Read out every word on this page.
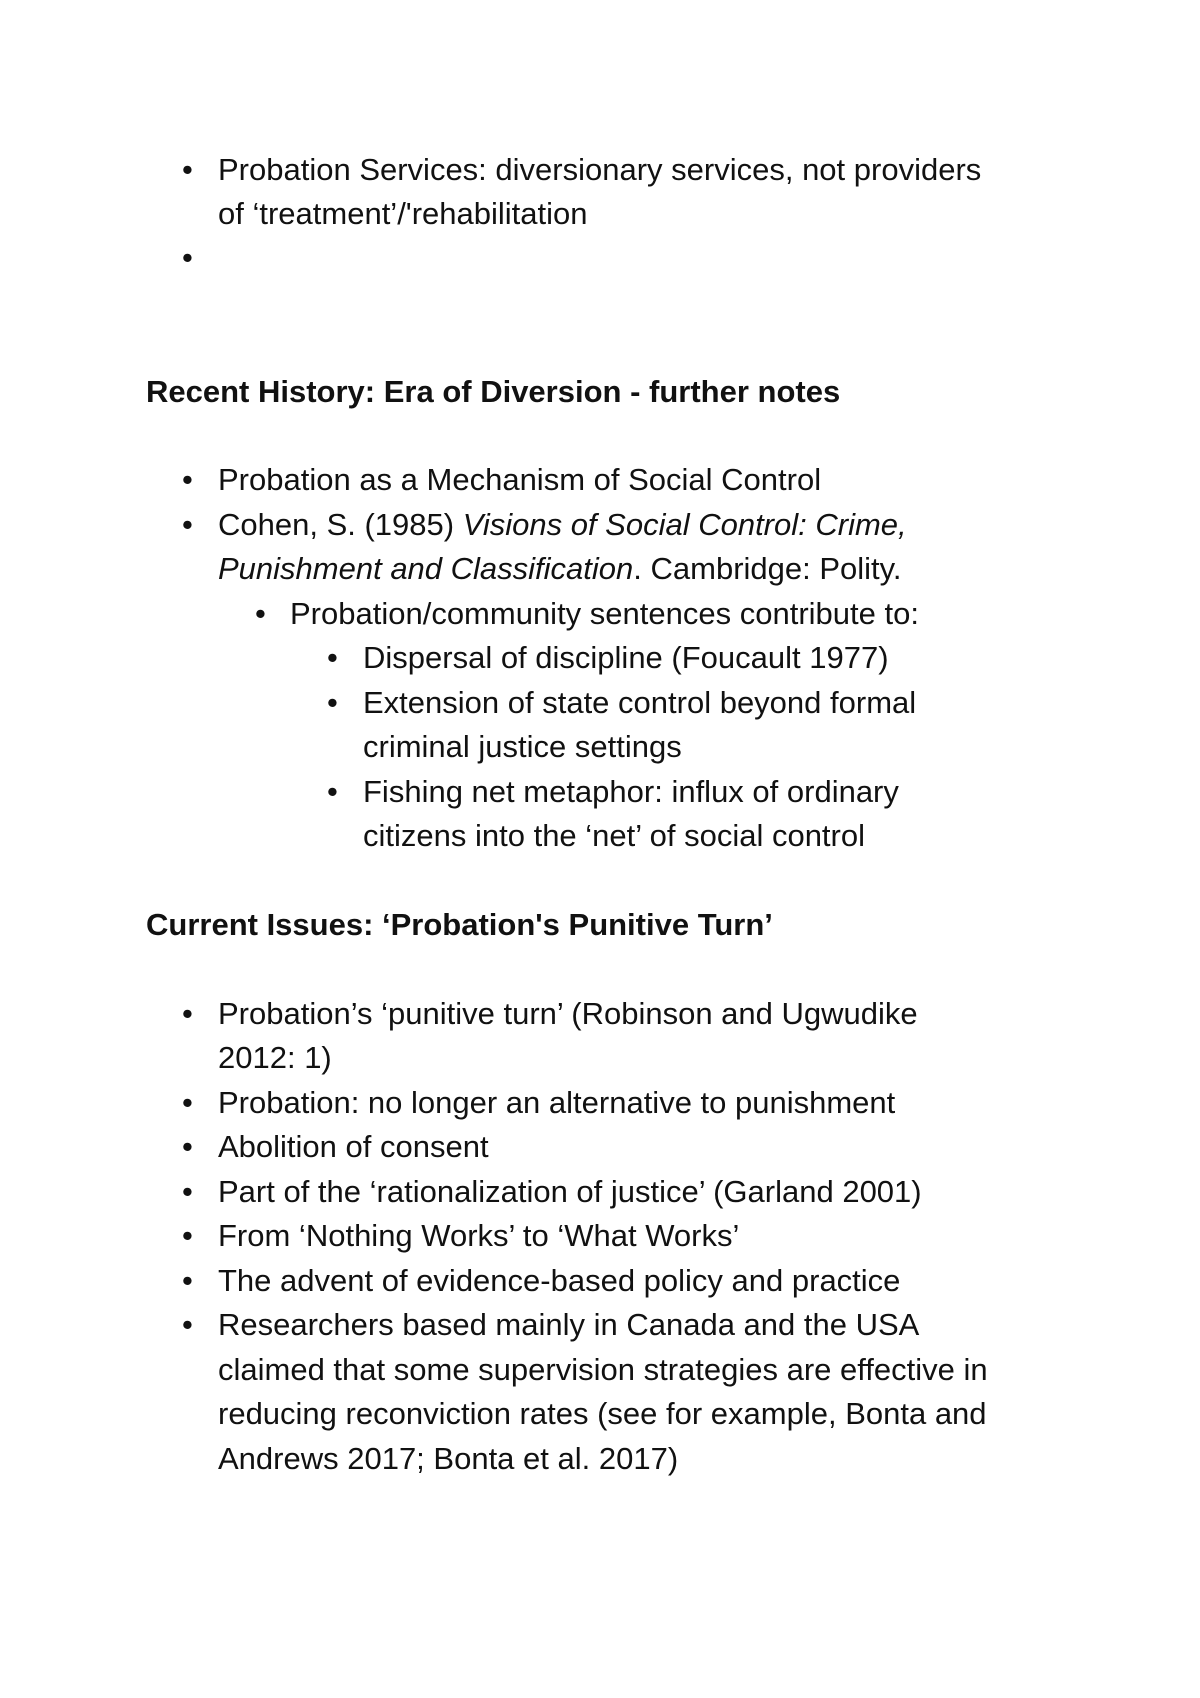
• Probation Services: diversionary services, not providers
of ‘treatment’/'rehabilitation
•
Recent History: Era of Diversion - further notes
• Probation as a Mechanism of Social Control
• Cohen, S. (1985) Visions of Social Control: Crime,
Punishment and Classification. Cambridge: Polity.
• Probation/community sentences contribute to:
• Dispersal of discipline (Foucault 1977)
• Extension of state control beyond formal
criminal justice settings
• Fishing net metaphor: influx of ordinary
citizens into the ‘net’ of social control
Current Issues: ‘Probation's Punitive Turn’
• Probation’s ‘punitive turn’ (Robinson and Ugwudike
2012: 1)
• Probation: no longer an alternative to punishment
• Abolition of consent
• Part of the ‘rationalization of justice’ (Garland 2001)
• From ‘Nothing Works’ to ‘What Works’
• The advent of evidence-based policy and practice
• Researchers based mainly in Canada and the USA
claimed that some supervision strategies are effective in
reducing reconviction rates (see for example, Bonta and
Andrews 2017; Bonta et al. 2017)
